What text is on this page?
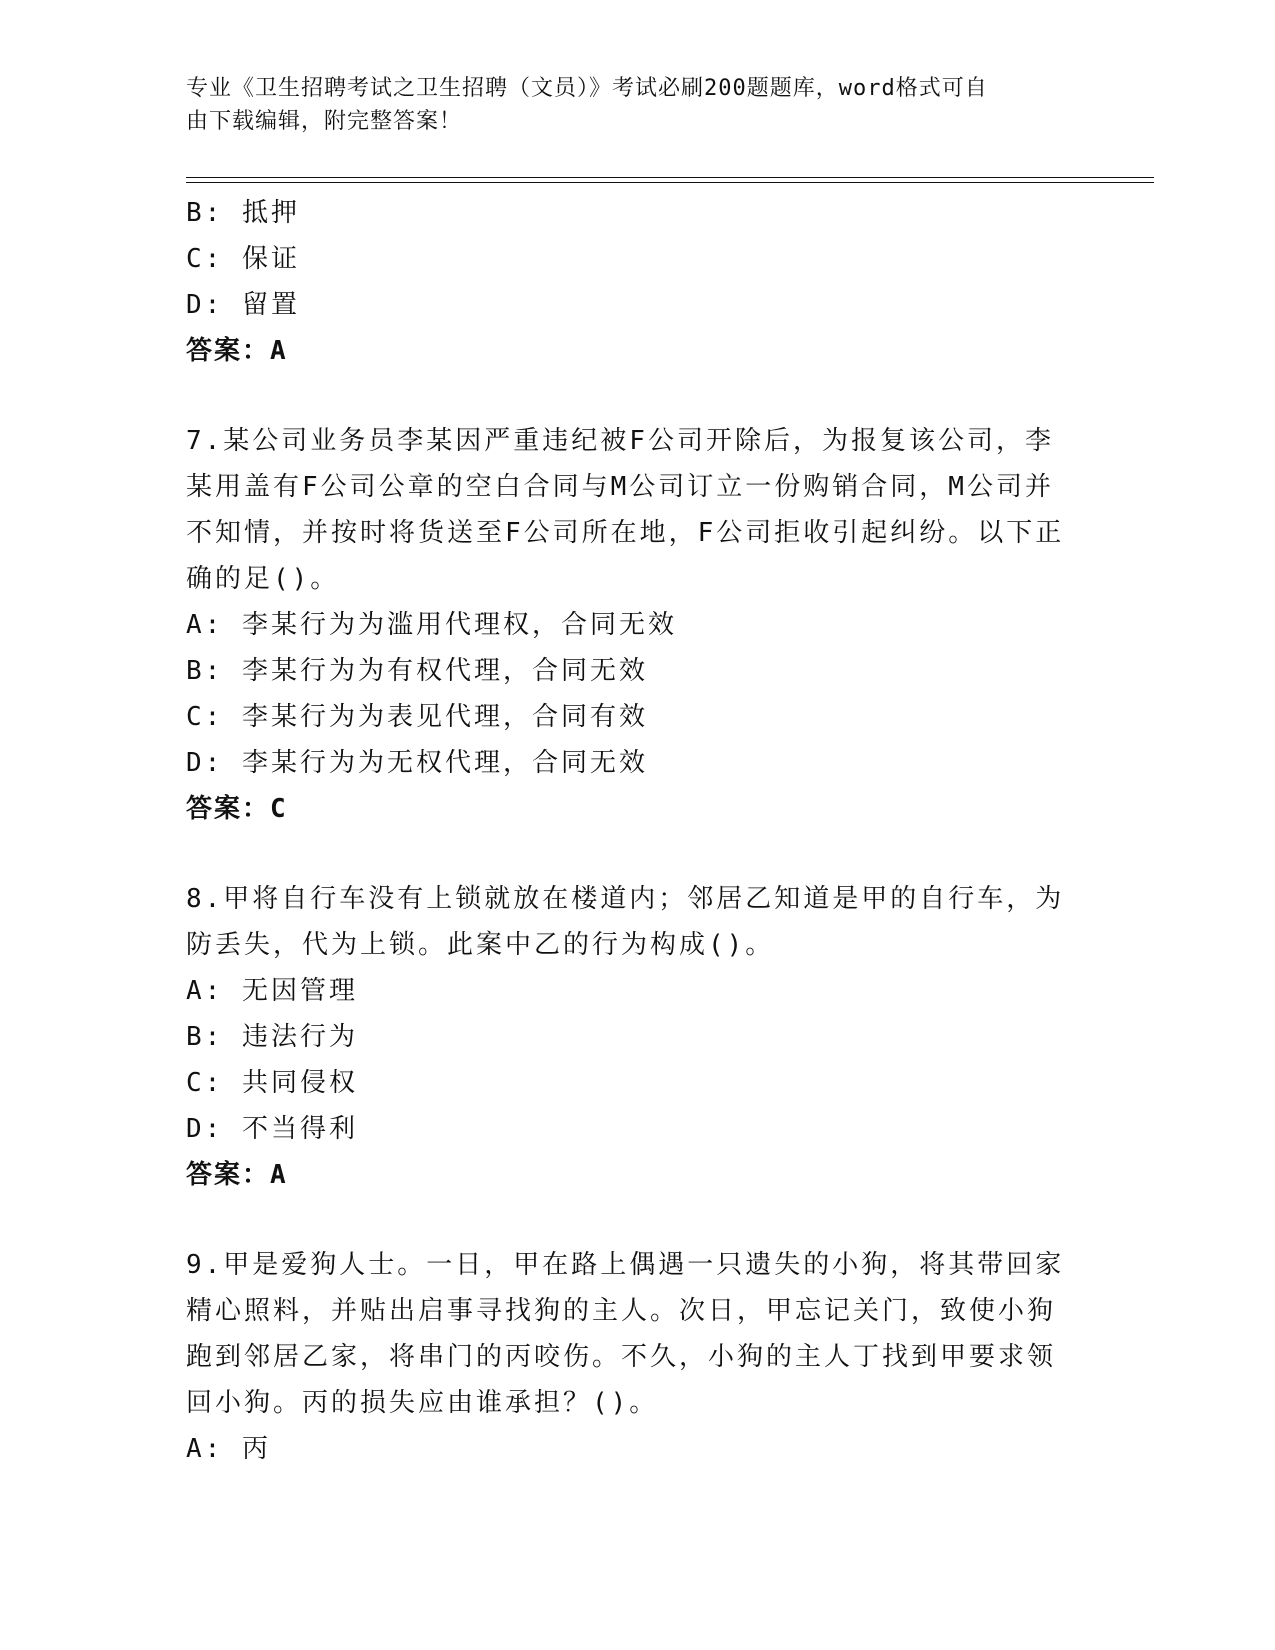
专业《卫生招聘考试之卫生招聘（文员）》考试必刷200题题库，word格式可自
由下载编辑，附完整答案！
B: 抵押
C: 保证
D: 留置
答案：A
7.某公司业务员李某因严重违纪被F公司开除后，为报复该公司，李
某用盖有F公司公章的空白合同与M公司订立一份购销合同，M公司并
不知情，并按时将货送至F公司所在地，F公司拒收引起纠纷。以下正
确的足()。
A: 李某行为为滥用代理权，合同无效
B: 李某行为为有权代理，合同无效
C: 李某行为为表见代理，合同有效
D: 李某行为为无权代理，合同无效
答案：C
8.甲将自行车没有上锁就放在楼道内；邻居乙知道是甲的自行车，为
防丢失，代为上锁。此案中乙的行为构成()。
A: 无因管理
B: 违法行为
C: 共同侵权
D: 不当得利
答案：A
9.甲是爱狗人士。一日，甲在路上偶遇一只遗失的小狗，将其带回家
精心照料，并贴出启事寻找狗的主人。次日，甲忘记关门，致使小狗
跑到邻居乙家，将串门的丙咬伤。不久，小狗的主人丁找到甲要求领
回小狗。丙的损失应由谁承担？()。
A: 丙
